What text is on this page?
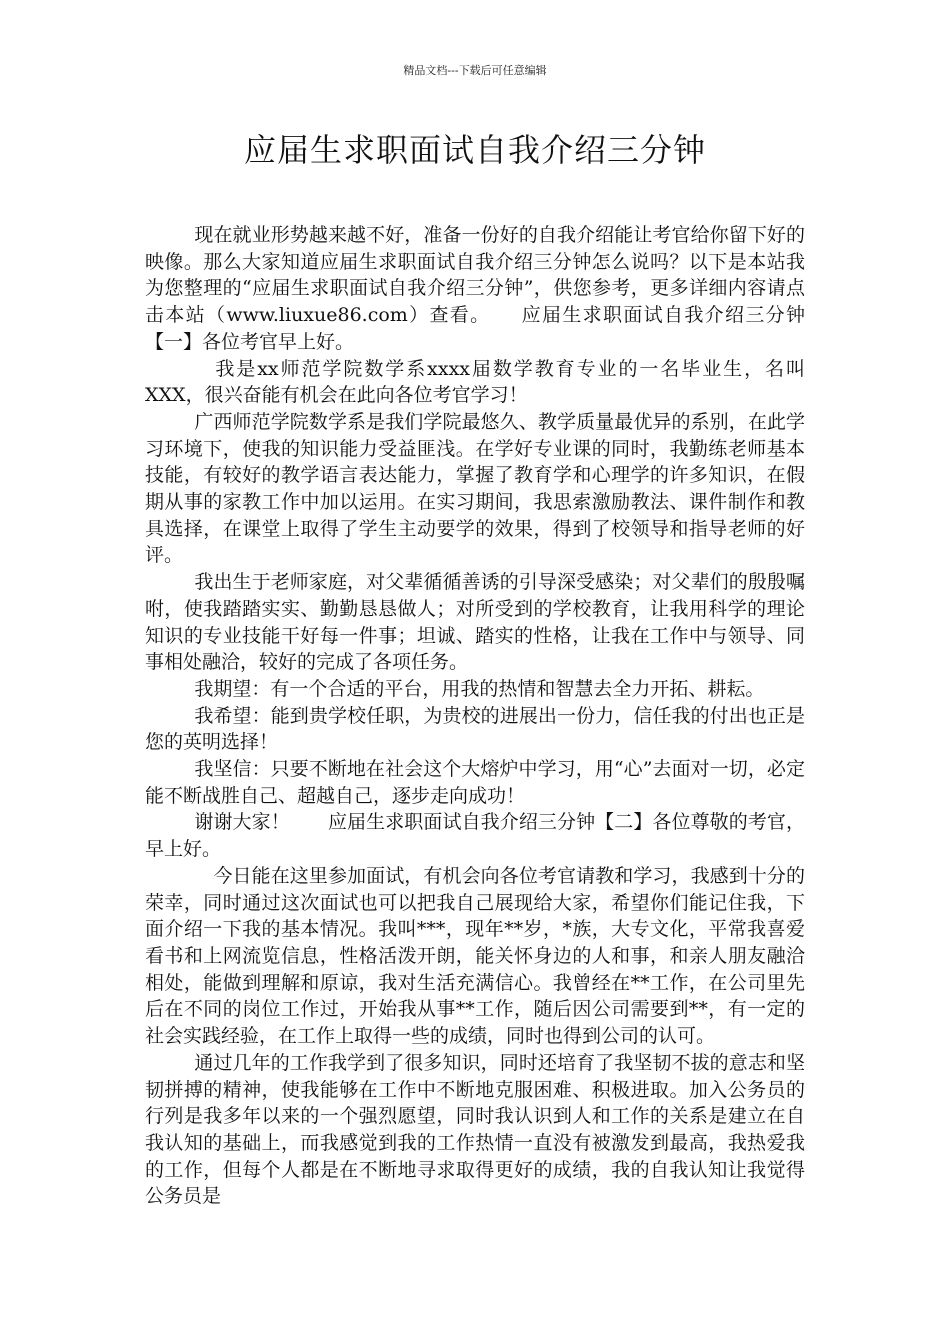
精品文档---下载后可任意编辑
应届生求职面试自我介绍三分钟

现在就业形势越来越不好，准备一份好的自我介绍能让考官给你留下好的映像。那么大家知道应届生求职面试自我介绍三分钟怎么说吗？以下是本站我为您整理的“应届生求职面试自我介绍三分钟”，供您参考，更多详细内容请点击本站（www.liuxue86.com）查看。　　应届生求职面试自我介绍三分钟【一】各位考官早上好。

　我是xx师范学院数学系xxxx届数学教育专业的一名毕业生，名叫XXX，很兴奋能有机会在此向各位考官学习！

广西师范学院数学系是我们学院最悠久、教学质量最优异的系别，在此学习环境下，使我的知识能力受益匪浅。在学好专业课的同时，我勤练老师基本技能，有较好的教学语言表达能力，掌握了教育学和心理学的许多知识，在假期从事的家教工作中加以运用。在实习期间，我思索激励教法、课件制作和教具选择，在课堂上取得了学生主动要学的效果，得到了校领导和指导老师的好评。

我出生于老师家庭，对父辈循循善诱的引导深受感染；对父辈们的殷殷嘱咐，使我踏踏实实、勤勤恳恳做人；对所受到的学校教育，让我用科学的理论知识的专业技能干好每一件事；坦诚、踏实的性格，让我在工作中与领导、同事相处融洽，较好的完成了各项任务。

我期望：有一个合适的平台，用我的热情和智慧去全力开拓、耕耘。

我希望：能到贵学校任职，为贵校的进展出一份力，信任我的付出也正是您的英明选择！

我坚信：只要不断地在社会这个大熔炉中学习，用“心”去面对一切，必定能不断战胜自己、超越自己，逐步走向成功！

谢谢大家！　　应届生求职面试自我介绍三分钟【二】各位尊敬的考官，早上好。

　今日能在这里参加面试，有机会向各位考官请教和学习，我感到十分的荣幸，同时通过这次面试也可以把我自己展现给大家，希望你们能记住我，下面介绍一下我的基本情况。我叫***，现年**岁，*族，大专文化，平常我喜爱看书和上网流览信息，性格活泼开朗，能关怀身边的人和事，和亲人朋友融洽相处，能做到理解和原谅，我对生活充满信心。我曾经在**工作，在公司里先后在不同的岗位工作过，开始我从事**工作，随后因公司需要到**，有一定的社会实践经验，在工作上取得一些的成绩，同时也得到公司的认可。

通过几年的工作我学到了很多知识，同时还培育了我坚韧不拔的意志和坚韧拼搏的精神，使我能够在工作中不断地克服困难、积极进取。加入公务员的行列是我多年以来的一个强烈愿望，同时我认识到人和工作的关系是建立在自我认知的基础上，而我感觉到我的工作热情一直没有被激发到最高，我热爱我的工作，但每个人都是在不断地寻求取得更好的成绩，我的自我认知让我觉得公务员是
